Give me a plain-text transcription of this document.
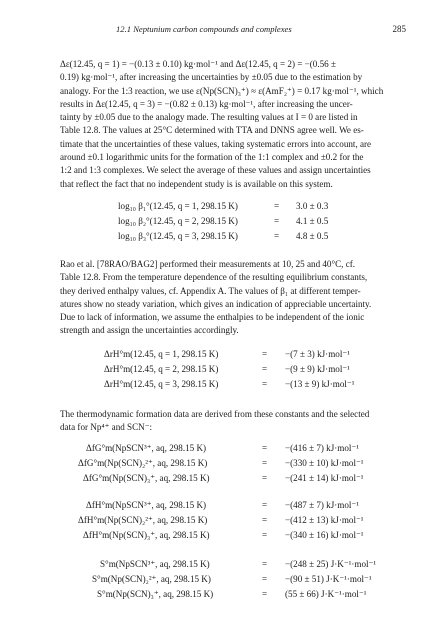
12.1 Neptunium carbon compounds and complexes	285
Δε(12.45, q = 1) = −(0.13 ± 0.10) kg·mol⁻¹ and Δε(12.45, q = 2) = −(0.56 ±
0.19) kg·mol⁻¹, after increasing the uncertainties by ±0.05 due to the estimation by
analogy. For the 1:3 reaction, we use ε(Np(SCN)₃⁺) ≈ ε(AmF₂⁺) = 0.17 kg·mol⁻¹, which
results in Δε(12.45, q = 3) = −(0.82 ± 0.13) kg·mol⁻¹, after increasing the uncer-
tainty by ±0.05 due to the analogy made. The resulting values at I = 0 are listed in
Table 12.8. The values at 25°C determined with TTA and DNNS agree well. We es-
timate that the uncertainties of these values, taking systematic errors into account, are
around ±0.1 logarithmic units for the formation of the 1:1 complex and ±0.2 for the
1:2 and 1:3 complexes. We select the average of these values and assign uncertainties
that reflect the fact that no independent study is is available on this system.
log₁₀ β₁°(12.45, q = 1, 298.15 K)	= 3.0 ± 0.3
log₁₀ β₂°(12.45, q = 2, 298.15 K)	= 4.1 ± 0.5
log₁₀ β₃°(12.45, q = 3, 298.15 K)	= 4.8 ± 0.5
Rao et al. [78RAO/BAG2] performed their measurements at 10, 25 and 40°C, cf.
Table 12.8. From the temperature dependence of the resulting equilibrium constants,
they derived enthalpy values, cf. Appendix A. The values of β₁ at different temper-
atures show no steady variation, which gives an indication of appreciable uncertainty.
Due to lack of information, we assume the enthalpies to be independent of the ionic
strength and assign the uncertainties accordingly.
ΔrH°m(12.45, q = 1, 298.15 K)	= −(7 ± 3) kJ·mol⁻¹
ΔrH°m(12.45, q = 2, 298.15 K)	= −(9 ± 9) kJ·mol⁻¹
ΔrH°m(12.45, q = 3, 298.15 K)	= −(13 ± 9) kJ·mol⁻¹
The thermodynamic formation data are derived from these constants and the selected
data for Np⁴⁺ and SCN⁻:
ΔfG°m(NpSCN³⁺, aq, 298.15 K)	= −(416 ± 7) kJ·mol⁻¹
ΔfG°m(Np(SCN)₂²⁺, aq, 298.15 K)	= −(330 ± 10) kJ·mol⁻¹
ΔfG°m(Np(SCN)₃⁺, aq, 298.15 K)	= −(241 ± 14) kJ·mol⁻¹
ΔfH°m(NpSCN³⁺, aq, 298.15 K)	= −(487 ± 7) kJ·mol⁻¹
ΔfH°m(Np(SCN)₂²⁺, aq, 298.15 K)	= −(412 ± 13) kJ·mol⁻¹
ΔfH°m(Np(SCN)₃⁺, aq, 298.15 K)	= −(340 ± 16) kJ·mol⁻¹
S°m(NpSCN³⁺, aq, 298.15 K)	= −(248 ± 25) J·K⁻¹·mol⁻¹
S°m(Np(SCN)₂²⁺, aq, 298.15 K)	= −(90 ± 51) J·K⁻¹·mol⁻¹
S°m(Np(SCN)₃⁺, aq, 298.15 K)	= (55 ± 66) J·K⁻¹·mol⁻¹
